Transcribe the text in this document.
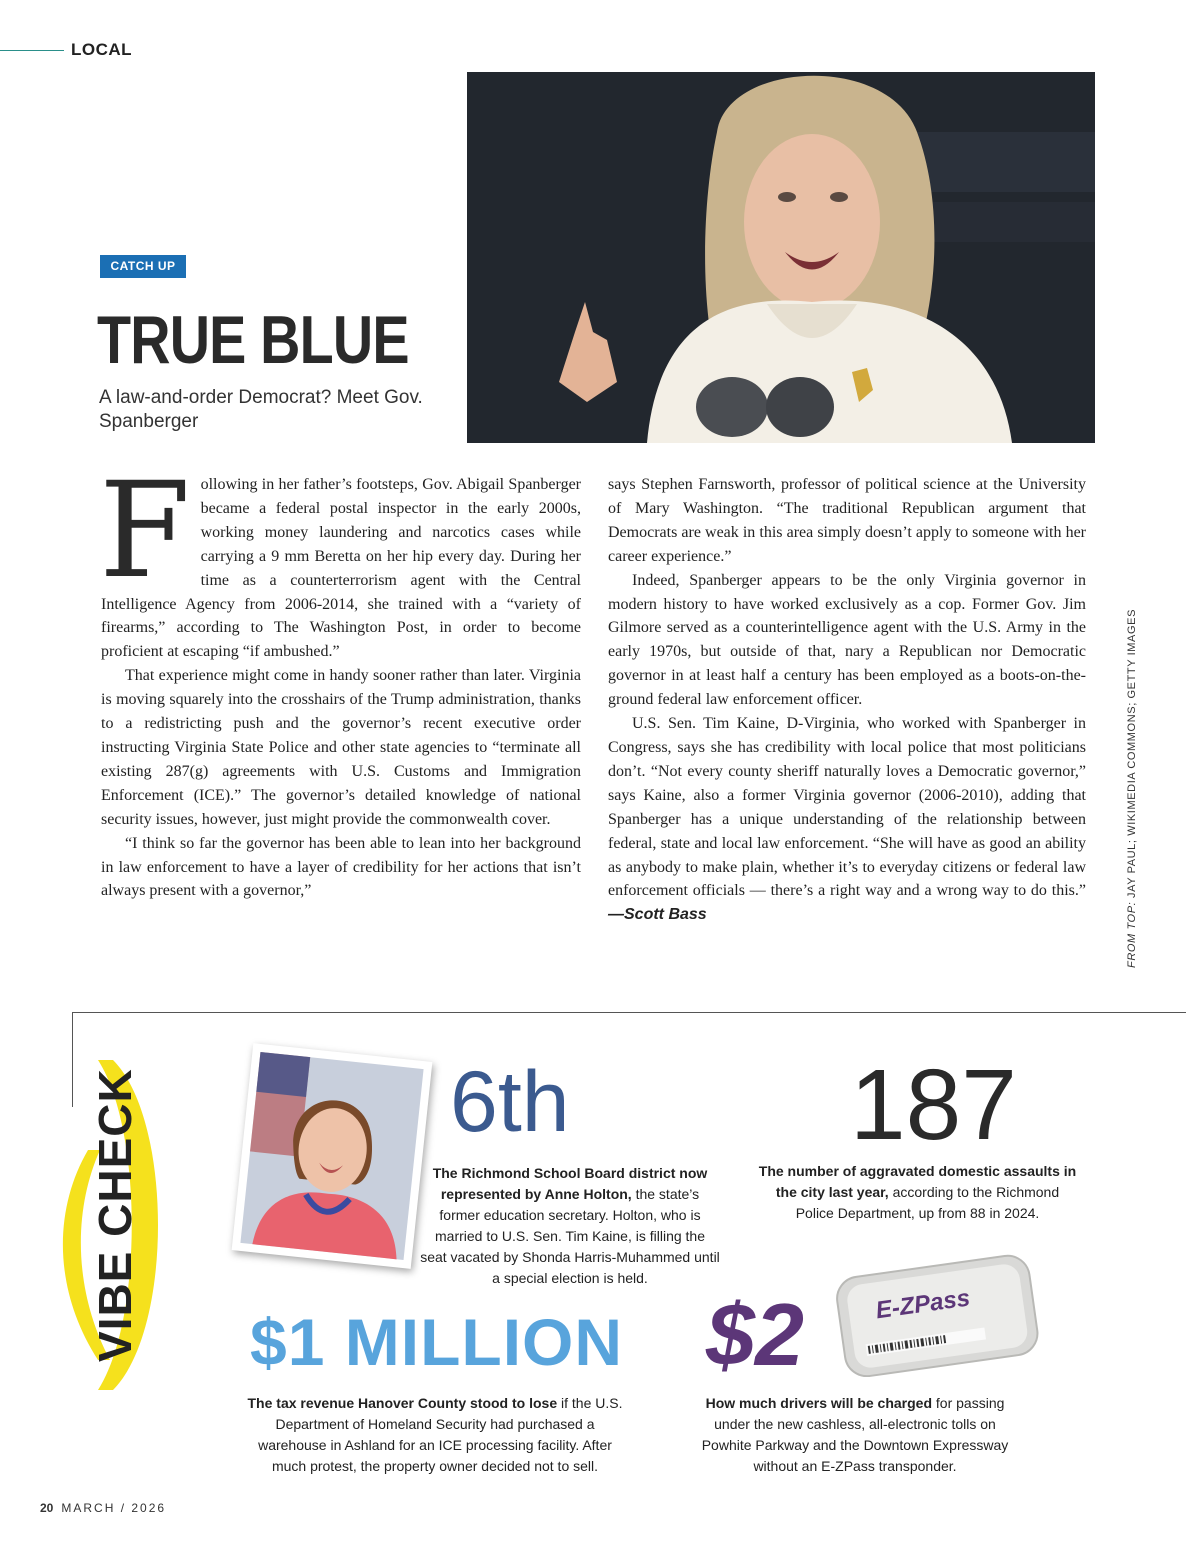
LOCAL
CATCH UP
TRUE BLUE
A law-and-order Democrat? Meet Gov. Spanberger
F ollowing in her father’s footsteps, Gov. Abigail Spanberger became a federal postal inspector in the early 2000s, working money laundering and narcotics cases while carrying a 9 mm Beretta on her hip every day. During her time as a counterterrorism agent with the Central Intelligence Agency from 2006-2014, she trained with a “variety of firearms,” according to The Washington Post, in order to become proficient at escaping “if ambushed.”

That experience might come in handy sooner rather than later. Virginia is moving squarely into the crosshairs of the Trump administration, thanks to a redistricting push and the governor’s recent executive order instructing Virginia State Police and other state agencies to “terminate all existing 287(g) agreements with U.S. Customs and Immigration Enforcement (ICE).” The governor’s detailed knowledge of national security issues, however, just might provide the commonwealth cover.

“I think so far the governor has been able to lean into her background in law enforcement to have a layer of credibility for her actions that isn’t always present with a governor,”

says Stephen Farnsworth, professor of political science at the University of Mary Washington. “The traditional Republican argument that Democrats are weak in this area simply doesn’t apply to someone with her career experience.”

Indeed, Spanberger appears to be the only Virginia governor in modern history to have worked exclusively as a cop. Former Gov. Jim Gilmore served as a counterintelligence agent with the U.S. Army in the early 1970s, but outside of that, nary a Republican nor Democratic governor in at least half a century has been employed as a boots-on-the-ground federal law enforcement officer.

U.S. Sen. Tim Kaine, D-Virginia, who worked with Spanberger in Congress, says she has credibility with local police that most politicians don’t. “Not every county sheriff naturally loves a Democratic governor,” says Kaine, also a former Virginia governor (2006-2010), adding that Spanberger has a unique understanding of the relationship between federal, state and local law enforcement. “She will have as good an ability as anybody to make plain, whether it’s to everyday citizens or federal law enforcement officials — there’s a right way and a wrong way to do this.” —Scott Bass	FROM TOP: JAY PAUL; WIKIMEDIA COMMONS; GETTY IMAGES
VIBE CHECK	6th
The Richmond School Board district now represented by Anne Holton, the state’s former education secretary. Holton, who is married to U.S. Sen. Tim Kaine, is filling the seat vacated by Shonda Harris-Muhammed until a special election is held.
187
The number of aggravated domestic assaults in the city last year, according to the Richmond Police Department, up from 88 in 2024.
$1 MILLION
The tax revenue Hanover County stood to lose if the U.S. Department of Homeland Security had purchased a warehouse in Ashland for an ICE processing facility. After much protest, the property owner decided not to sell.
$2
How much drivers will be charged for passing under the new cashless, all-electronic tolls on Powhite Parkway and the Downtown Expressway without an E-ZPass transponder.
E-ZPass
20 MARCH / 2026
